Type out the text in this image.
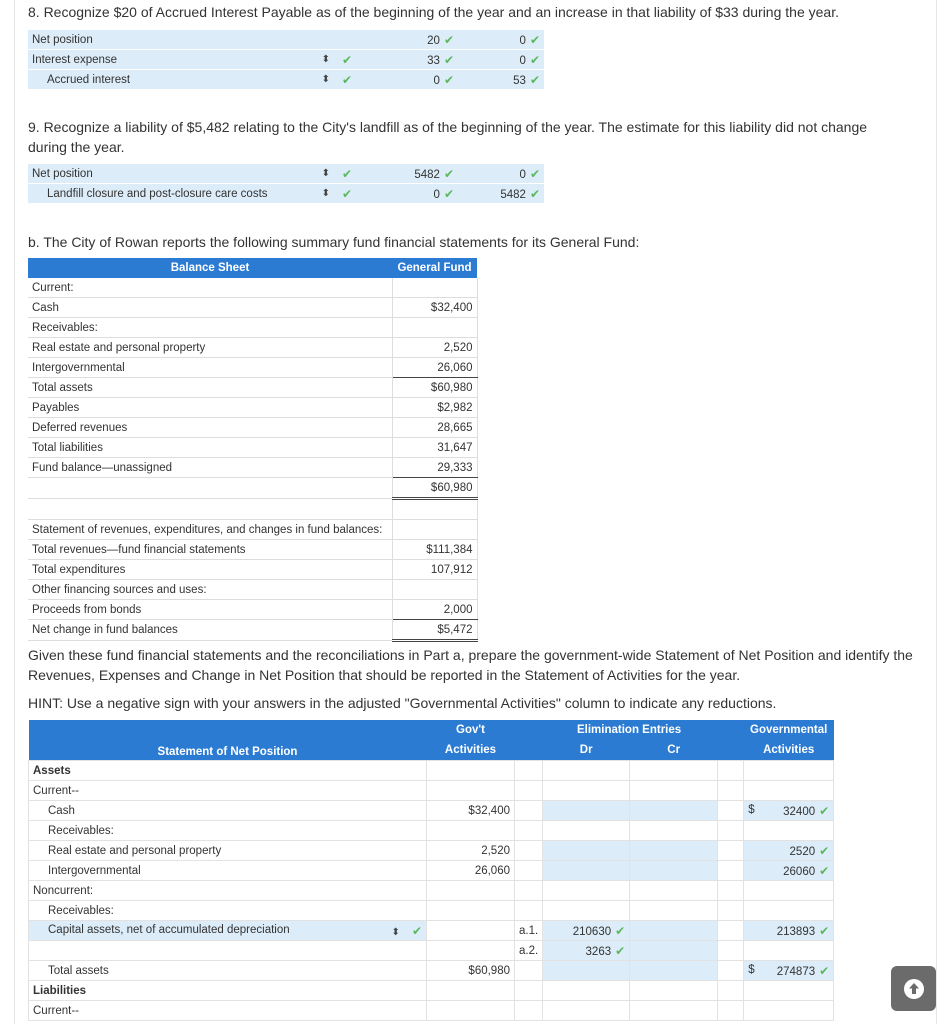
8. Recognize $20 of Accrued Interest Payable as of the beginning of the year and an increase in that liability of $33 during the year.
Net position		20 ✔	0 ✔
Interest expense ⬍	✔	33 ✔	0 ✔
Accrued interest ⬍	✔	0 ✔	53 ✔
9. Recognize a liability of $5,482 relating to the City's landfill as of the beginning of the year. The estimate for this liability did not change during the year.
Net position ⬍	✔	5482 ✔	0 ✔
Landfill closure and post-closure care costs ⬍	✔	0 ✔	5482 ✔
b. The City of Rowan reports the following summary fund financial statements for its General Fund:
Balance Sheet	General Fund
Current:	
Cash	$32,400
Receivables:	
Real estate and personal property	2,520
Intergovernmental	26,060
Total assets	$60,980
Payables	$2,982
Deferred revenues	28,665
Total liabilities	31,647
Fund balance—unassigned	29,333
	$60,980

Statement of revenues, expenditures, and changes in fund balances:	
Total revenues—fund financial statements	$111,384
Total expenditures	107,912
Other financing sources and uses:	
Proceeds from bonds	2,000
Net change in fund balances	$5,472
Given these fund financial statements and the reconciliations in Part a, prepare the government-wide Statement of Net Position and identify the Revenues, Expenses and Change in Net Position that should be reported in the Statement of Activities for the year.
HINT: Use a negative sign with your answers in the adjusted "Governmental Activities" column to indicate any reductions.
Statement of Net Position	Gov't	Elimination Entries				Governmental
	Activities		Dr	Cr		Activities
Assets						
Current--						
Cash	$32,400					$ 32400 ✔
Receivables:						
Real estate and personal property	2,520					2520 ✔
Intergovernmental	26,060					26060 ✔
Noncurrent:						
Receivables:						
Capital assets, net of accumulated depreciation ⬍ ✔		a.1.	210630 ✔			213893 ✔
		a.2.	3263 ✔			
Total assets	$60,980					$ 274873 ✔
Liabilities						
Current--						
